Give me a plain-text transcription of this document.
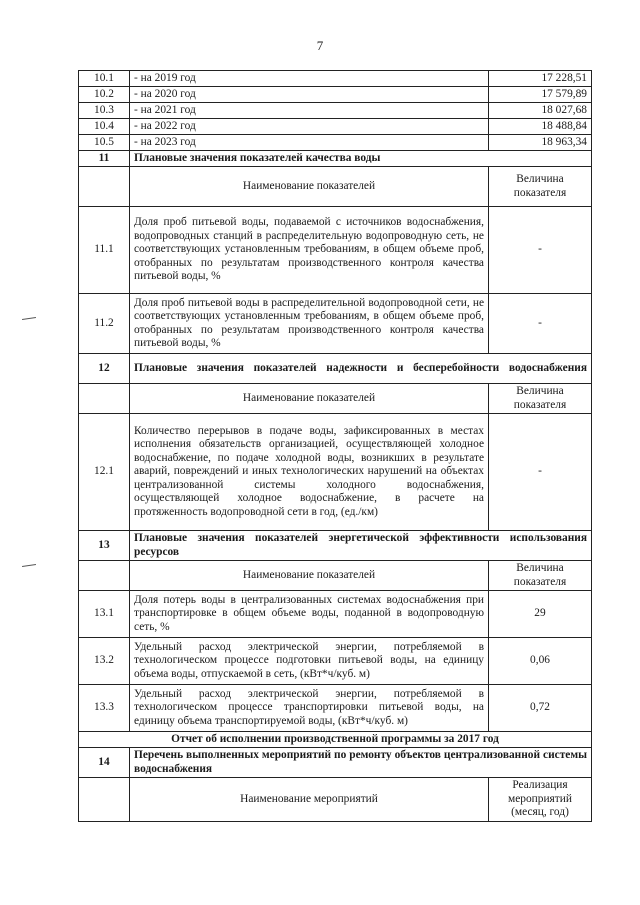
7
10.1	- на 2019 год	17 228,51
10.2	- на 2020 год	17 579,89
10.3	- на 2021 год	18 027,68
10.4	- на 2022 год	18 488,84
10.5	- на 2023 год	18 963,34
11	Плановые значения показателей качества воды	
	Наименование показателей	Величина показателя
11.1	Доля проб питьевой воды, подаваемой с источников водоснабжения, водопроводных станций в распределительную водопроводную сеть, не соответствующих установленным требованиям, в общем объеме проб, отобранных по результатам производственного контроля качества питьевой воды, %	-
11.2	Доля проб питьевой воды в распределительной водопроводной сети, не соответствующих установленным требованиям, в общем объеме проб, отобранных по результатам производственного контроля качества питьевой воды, %	-
12	Плановые значения показателей надежности и бесперебойности водоснабжения	
	Наименование показателей	Величина показателя
12.1	Количество перерывов в подаче воды, зафиксированных в местах исполнения обязательств организацией, осуществляющей холодное водоснабжение, по подаче холодной воды, возникших в результате аварий, повреждений и иных технологических нарушений на объектах централизованной системы холодного водоснабжения, осуществляющей холодное водоснабжение, в расчете на протяженность водопроводной сети в год, (ед./км)	-
13	Плановые значения показателей энергетической эффективности использования ресурсов	
	Наименование показателей	Величина показателя
13.1	Доля потерь воды в централизованных системах водоснабжения при транспортировке в общем объеме воды, поданной в водопроводную сеть, %	29
13.2	Удельный расход электрической энергии, потребляемой в технологическом процессе подготовки питьевой воды, на единицу объема воды, отпускаемой в сеть, (кВт*ч/куб. м)	0,06
13.3	Удельный расход электрической энергии, потребляемой в технологическом процессе транспортировки питьевой воды, на единицу объема транспортируемой воды, (кВт*ч/куб. м)	0,72
Отчет об исполнении производственной программы за 2017 год		
14	Перечень выполненных мероприятий по ремонту объектов централизованной системы водоснабжения	
	Наименование мероприятий	Реализация мероприятий (месяц, год)
